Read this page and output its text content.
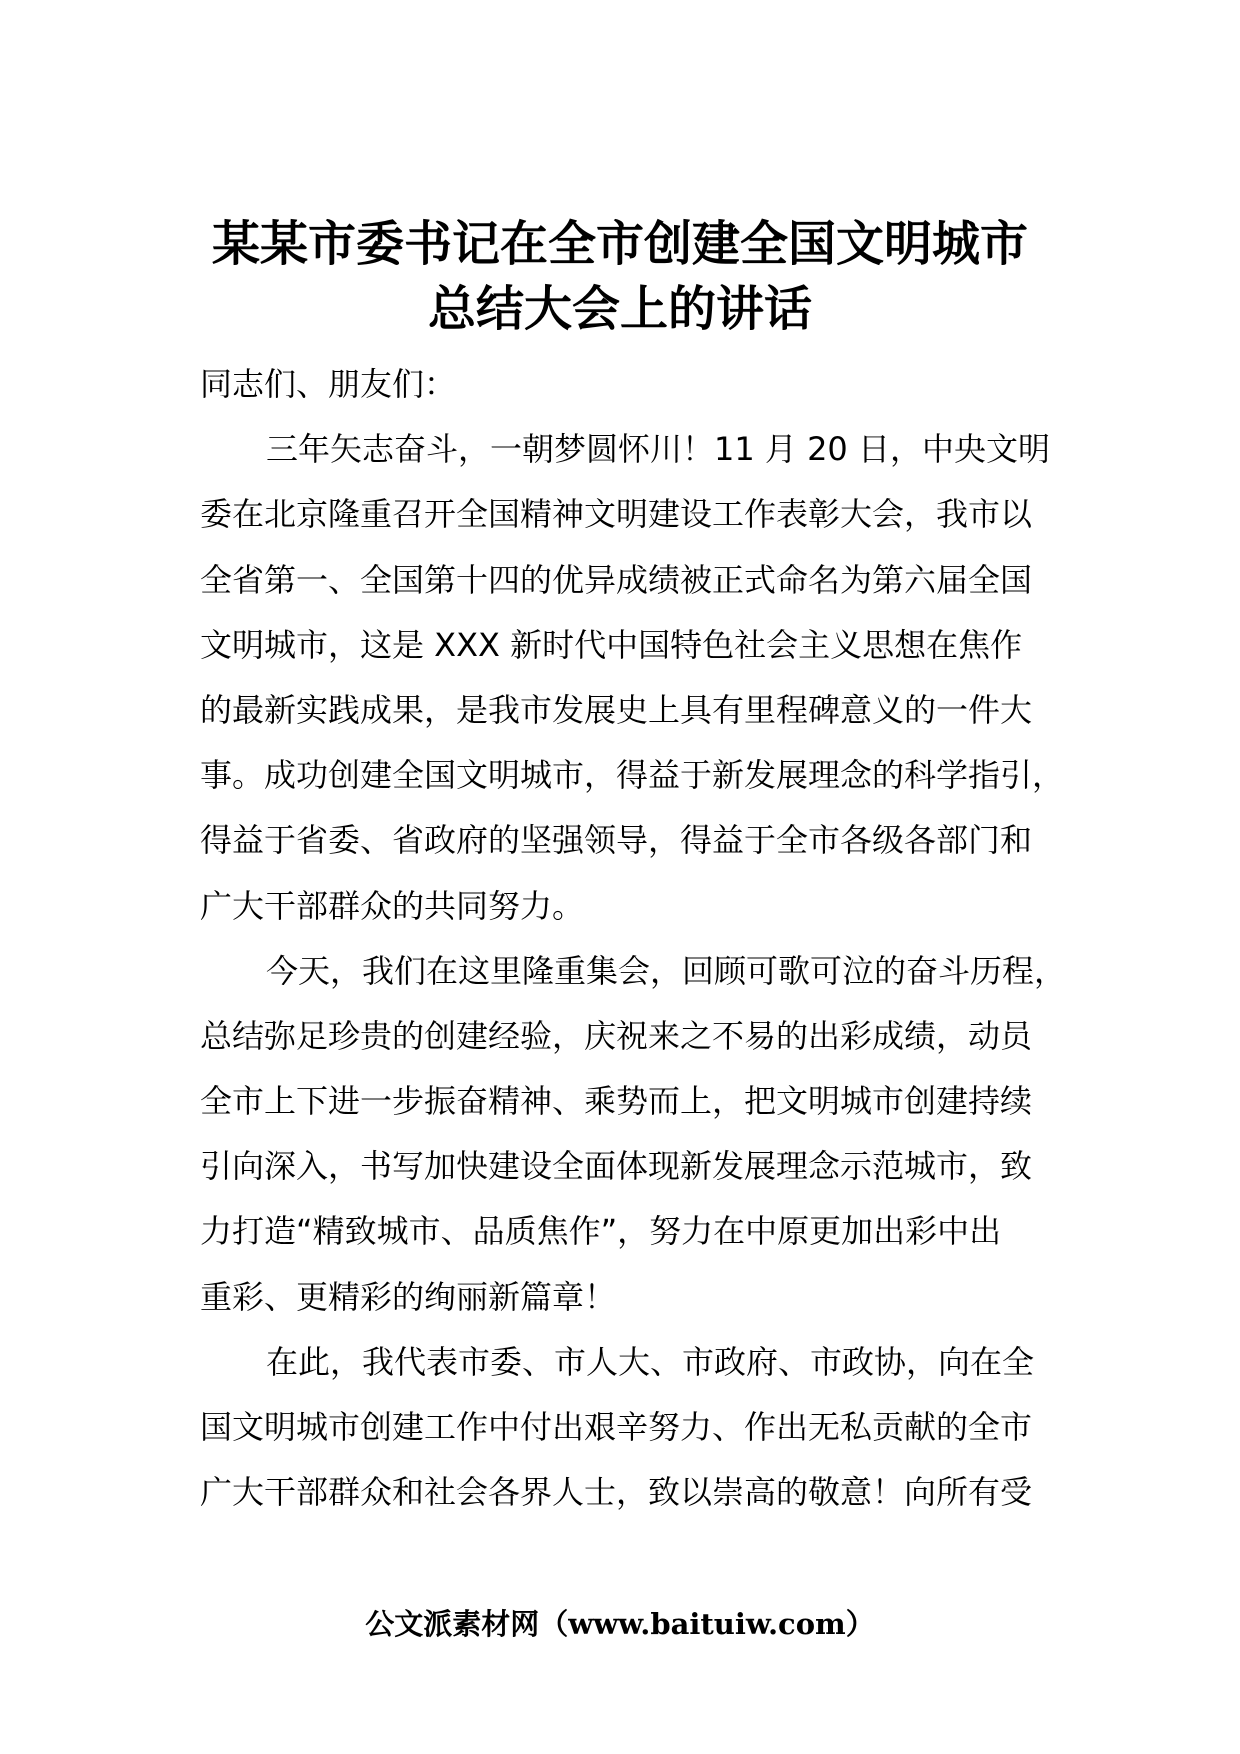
某某市委书记在全市创建全国文明城市
总结大会上的讲话
同志们、朋友们：
三年矢志奋斗，一朝梦圆怀川！11 月 20 日，中央文明
委在北京隆重召开全国精神文明建设工作表彰大会，我市以
全省第一、全国第十四的优异成绩被正式命名为第六届全国
文明城市，这是 XXX 新时代中国特色社会主义思想在焦作
的最新实践成果，是我市发展史上具有里程碑意义的一件大
事。成功创建全国文明城市，得益于新发展理念的科学指引，
得益于省委、省政府的坚强领导，得益于全市各级各部门和
广大干部群众的共同努力。
今天，我们在这里隆重集会，回顾可歌可泣的奋斗历程，
总结弥足珍贵的创建经验，庆祝来之不易的出彩成绩，动员
全市上下进一步振奋精神、乘势而上，把文明城市创建持续
引向深入，书写加快建设全面体现新发展理念示范城市，致
力打造“精致城市、品质焦作”，努力在中原更加出彩中出
重彩、更精彩的绚丽新篇章！
在此，我代表市委、市人大、市政府、市政协，向在全
国文明城市创建工作中付出艰辛努力、作出无私贡献的全市
广大干部群众和社会各界人士，致以崇高的敬意！向所有受
公文派素材网（www.baituiw.com）
